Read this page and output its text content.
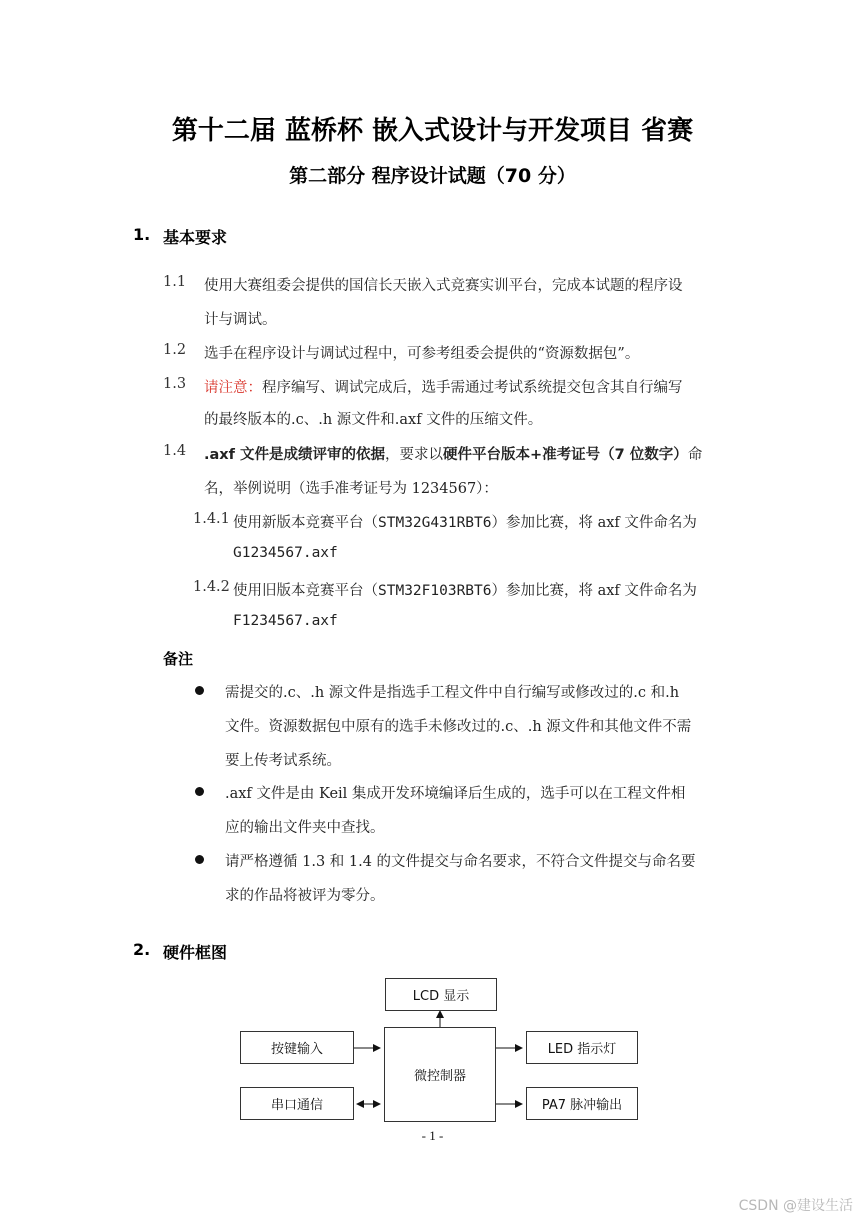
第十二届 蓝桥杯 嵌入式设计与开发项目 省赛
第二部分 程序设计试题（70 分）
1. 基本要求
1.1 使用大赛组委会提供的国信长天嵌入式竞赛实训平台，完成本试题的程序设
计与调试。
1.2 选手在程序设计与调试过程中，可参考组委会提供的“资源数据包”。
1.3 请注意：程序编写、调试完成后，选手需通过考试系统提交包含其自行编写
的最终版本的.c、.h 源文件和.axf 文件的压缩文件。
1.4 .axf 文件是成绩评审的依据，要求以硬件平台版本+准考证号（7 位数字）命
名，举例说明（选手准考证号为 1234567）：
1.4.1 使用新版本竞赛平台（STM32G431RBT6）参加比赛，将 axf 文件命名为
G1234567.axf
1.4.2 使用旧版本竞赛平台（STM32F103RBT6）参加比赛，将 axf 文件命名为
F1234567.axf
备注
需提交的.c、.h 源文件是指选手工程文件中自行编写或修改过的.c 和.h
文件。资源数据包中原有的选手未修改过的.c、.h 源文件和其他文件不需
要上传考试系统。
.axf 文件是由 Keil 集成开发环境编译后生成的，选手可以在工程文件相
应的输出文件夹中查找。
请严格遵循 1.3 和 1.4 的文件提交与命名要求，不符合文件提交与命名要
求的作品将被评为零分。
2. 硬件框图
LCD 显示
按键输入
微控制器
LED 指示灯
串口通信	PA7 脉冲输出
- 1 -
CSDN @建设生活
